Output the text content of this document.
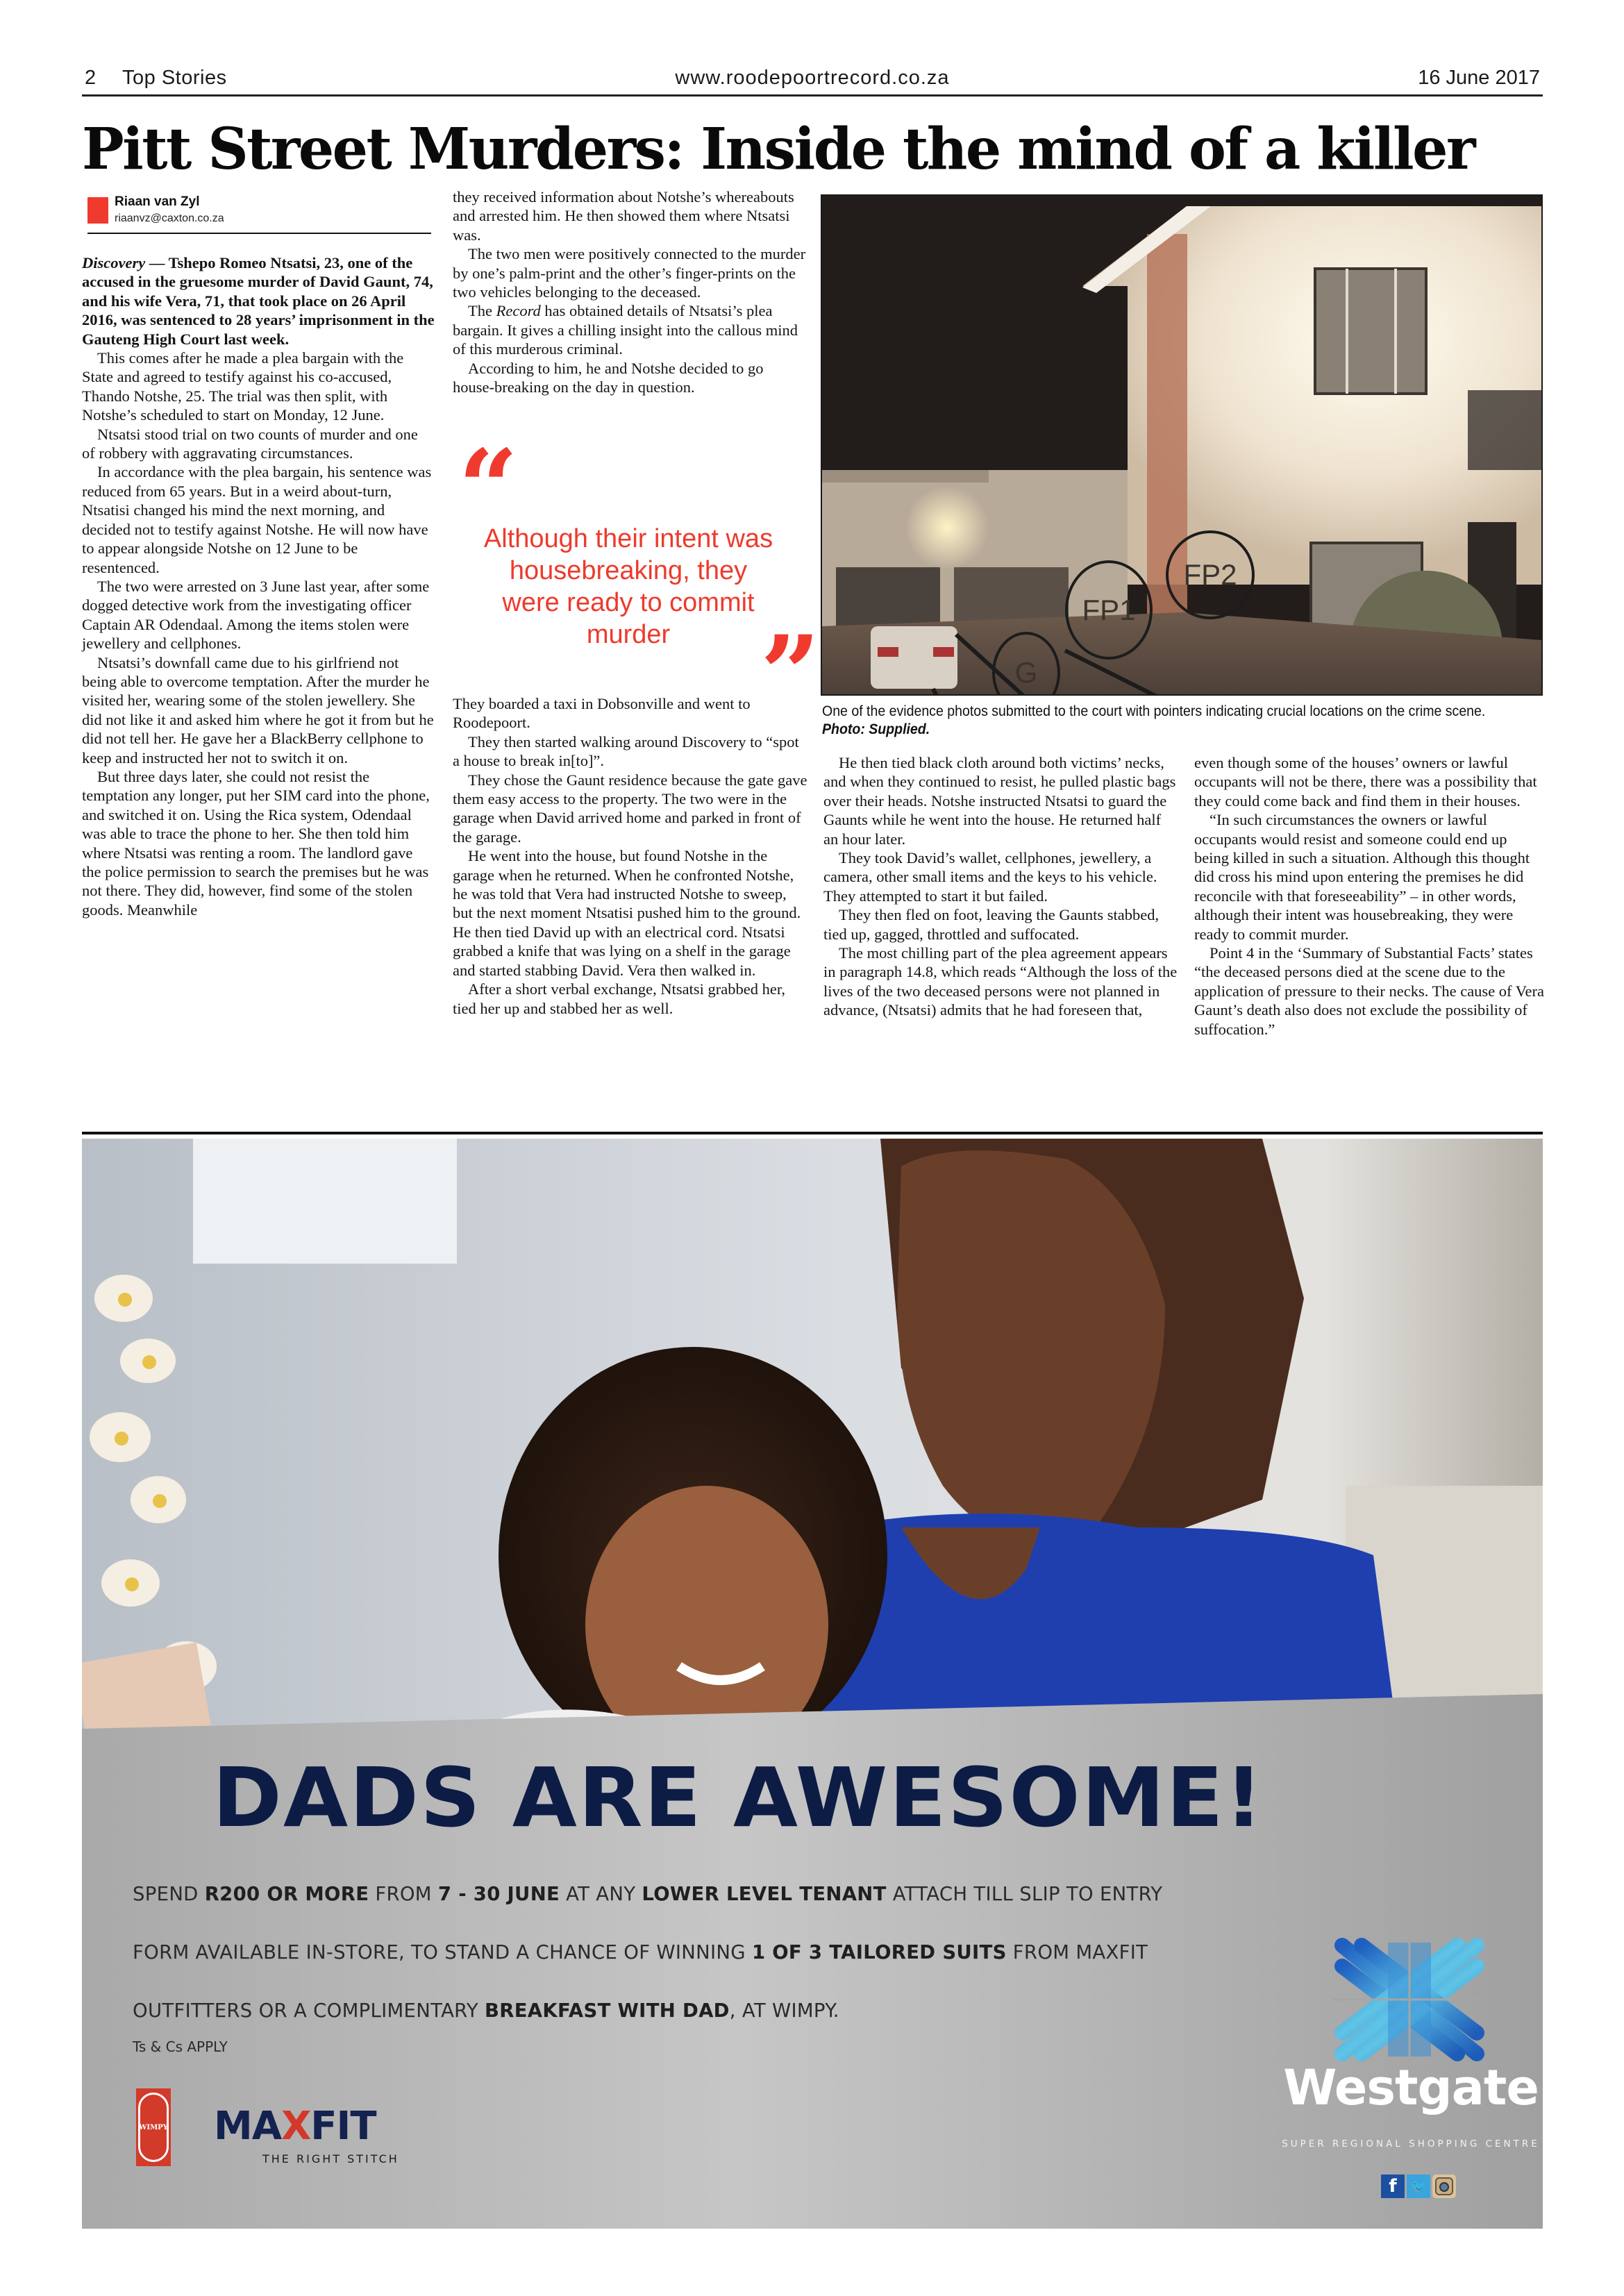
2 Top Stories	www.roodepoortrecord.co.za	16 June 2017
Pitt Street Murders: Inside the mind of a killer
Riaan van Zyl
riaanvz@caxton.co.za

Discovery — Tshepo Romeo Ntsatsi, 23, one of the accused in the gruesome murder of David Gaunt, 74, and his wife Vera, 71, that took place on 26 April 2016, was sentenced to 28 years’ imprisonment in the Gauteng High Court last week.

This comes after he made a plea bargain with the State and agreed to testify against his co-accused, Thando Notshe, 25. The trial was then split, with Notshe’s scheduled to start on Monday, 12 June.

Ntsatsi stood trial on two counts of murder and one of robbery with aggravating circumstances.

In accordance with the plea bargain, his sentence was reduced from 65 years. But in a weird about-turn, Ntsatisi changed his mind the next morning, and decided not to testify against Notshe. He will now have to appear alongside Notshe on 12 June to be resentenced.

The two were arrested on 3 June last year, after some dogged detective work from the investigating officer Captain AR Odendaal. Among the items stolen were jewellery and cellphones.

Ntsatsi’s downfall came due to his girlfriend not being able to overcome temptation. After the murder he visited her, wearing some of the stolen jewellery. She did not like it and asked him where he got it from but he did not tell her. He gave her a BlackBerry cellphone to keep and instructed her not to switch it on.

But three days later, she could not resist the temptation any longer, put her SIM card into the phone, and switched it on. Using the Rica system, Odendaal was able to trace the phone to her. She then told him where Ntsatsi was renting a room. The landlord gave the police permission to search the premises but he was not there. They did, however, find some of the stolen goods. Meanwhile

they received information about Notshe’s whereabouts and arrested him. He then showed them where Ntsatsi was.

The two men were positively connected to the murder by one’s palm-print and the other’s finger-prints on the two vehicles belonging to the deceased.

The Record has obtained details of Ntsatsi’s plea bargain. It gives a chilling insight into the callous mind of this murderous criminal.

According to him, he and Notshe decided to go house-breaking on the day in question.

“
Although their intent was housebreaking, they were ready to commit murder ”

They boarded a taxi in Dobsonville and went to Roodepoort.

They then started walking around Discovery to “spot a house to break in[to]”.

They chose the Gaunt residence because the gate gave them easy access to the property. The two were in the garage when David arrived home and parked in front of the garage.

He went into the house, but found Notshe in the garage when he returned. When he confronted Notshe, he was told that Vera had instructed Notshe to sweep, but the next moment Ntsatisi pushed him to the ground. He then tied David up with an electrical cord. Ntsatsi grabbed a knife that was lying on a shelf in the garage and started stabbing David. Vera then walked in.

After a short verbal exchange, Ntsatsi grabbed her, tied her up and stabbed her as well.

FP2
FP1
G
One of the evidence photos submitted to the court with pointers indicating crucial locations on the crime scene.
Photo: Supplied.

He then tied black cloth around both victims’ necks, and when they continued to resist, he pulled plastic bags over their heads. Notshe instructed Ntsatsi to guard the Gaunts while he went into the house. He returned half an hour later.

They took David’s wallet, cellphones, jewellery, a camera, other small items and the keys to his vehicle. They attempted to start it but failed.

They then fled on foot, leaving the Gaunts stabbed, tied up, gagged, throttled and suffocated.

The most chilling part of the plea agreement appears in paragraph 14.8, which reads “Although the loss of the lives of the two deceased persons were not planned in advance, (Ntsatsi) admits that he had foreseen that,

even though some of the houses’ owners or lawful occupants will not be there, there was a possibility that they could come back and find them in their houses.

“In such circumstances the owners or lawful occupants would resist and someone could end up being killed in such a situation. Although this thought did cross his mind upon entering the premises he did reconcile with that foreseeability” – in other words, although their intent was housebreaking, they were ready to commit murder.

Point 4 in the ‘Summary of Substantial Facts’ states “the deceased persons died at the scene due to the application of pressure to their necks. The cause of Vera Gaunt’s death also does not exclude the possibility of suffocation.”

DADS ARE AWESOME!
SPEND R200 OR MORE FROM 7 - 30 JUNE AT ANY LOWER LEVEL TENANT ATTACH TILL SLIP TO ENTRY
FORM AVAILABLE IN-STORE, TO STAND A CHANCE OF WINNING 1 OF 3 TAILORED SUITS FROM MAXFIT
OUTFITTERS OR A COMPLIMENTARY BREAKFAST WITH DAD, AT WIMPY.
Ts & Cs APPLY
WIMPY MAXFIT
THE RIGHT STITCH
Westgate
SUPER REGIONAL SHOPPING CENTRE
f	🐦
